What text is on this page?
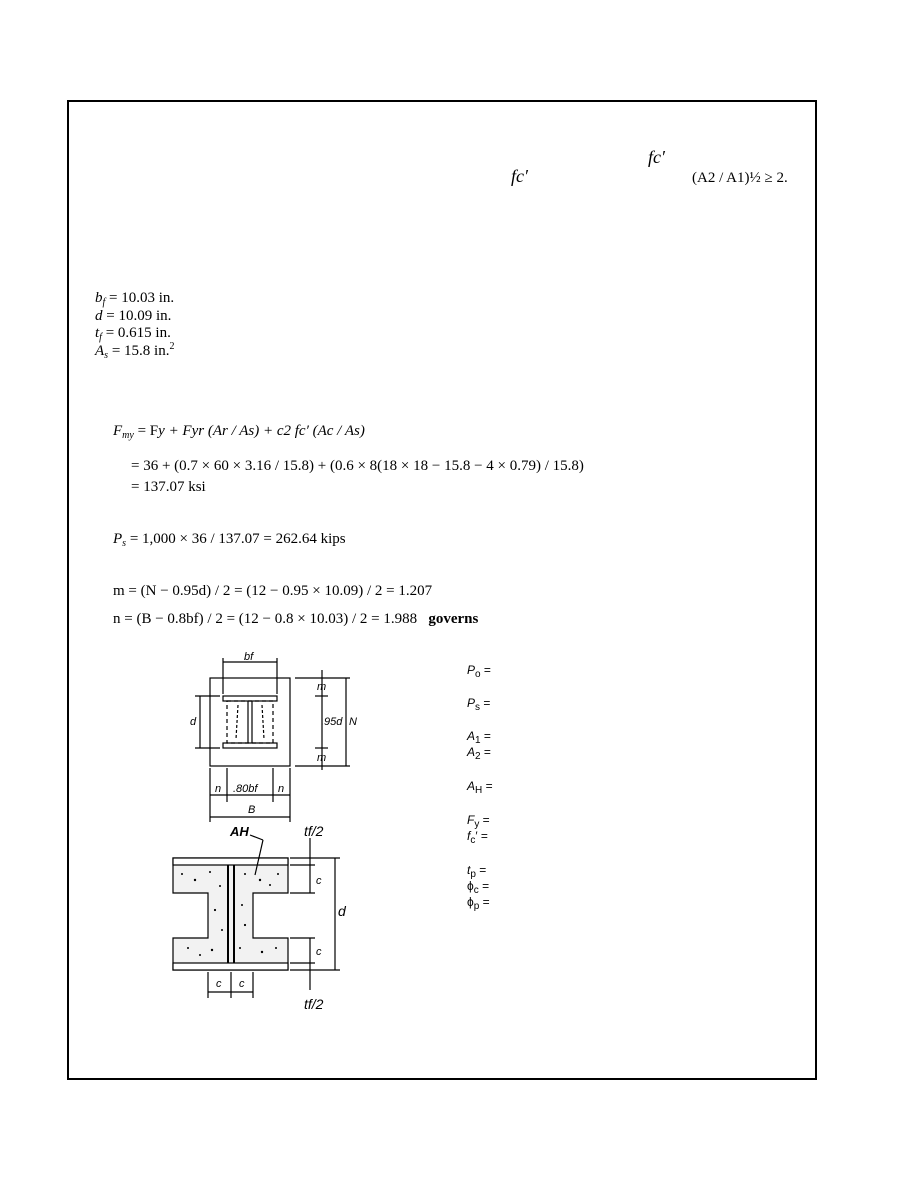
fc′
fc′	(A2 / A1)½ ≥ 2.
$b_f = 10.03$ in.
d = 10.09 in.
$t_f = 0.615$ in.
$A_s = 15.8$ in.$^2$
$F_{my} = Fy$ + Fyr (Ar / As) + c2 fc′ (Ac / As)
= 36 + (0.7 × 60 × 3.16 / 15.8) + (0.6 × 8(18 × 18 − 15.8 − 4 × 0.79) / 15.8)
= 137.07 ksi
$P_s = 1,000 \times 36 / 137.07 = 262.64$ kips
m = (N − 0.95d) / 2 = (12 − 0.95 × 10.09) / 2 = 1.207
n = (B − 0.8bf) / 2 = (12 − 0.8 × 10.03) / 2 = 1.988 governs
bf
m
m
d	.95d N
n .80bf n
B
AH	tf/2
c
c
d
c c
tf/2
$P_o$ =
$P_s$ =
$A_1$ =
$A_2$ =
$A_H$ =
$F_y$ =
$f_c'$ =
$t_p$ =
$\phi_c$ =
$\phi_p$ =
